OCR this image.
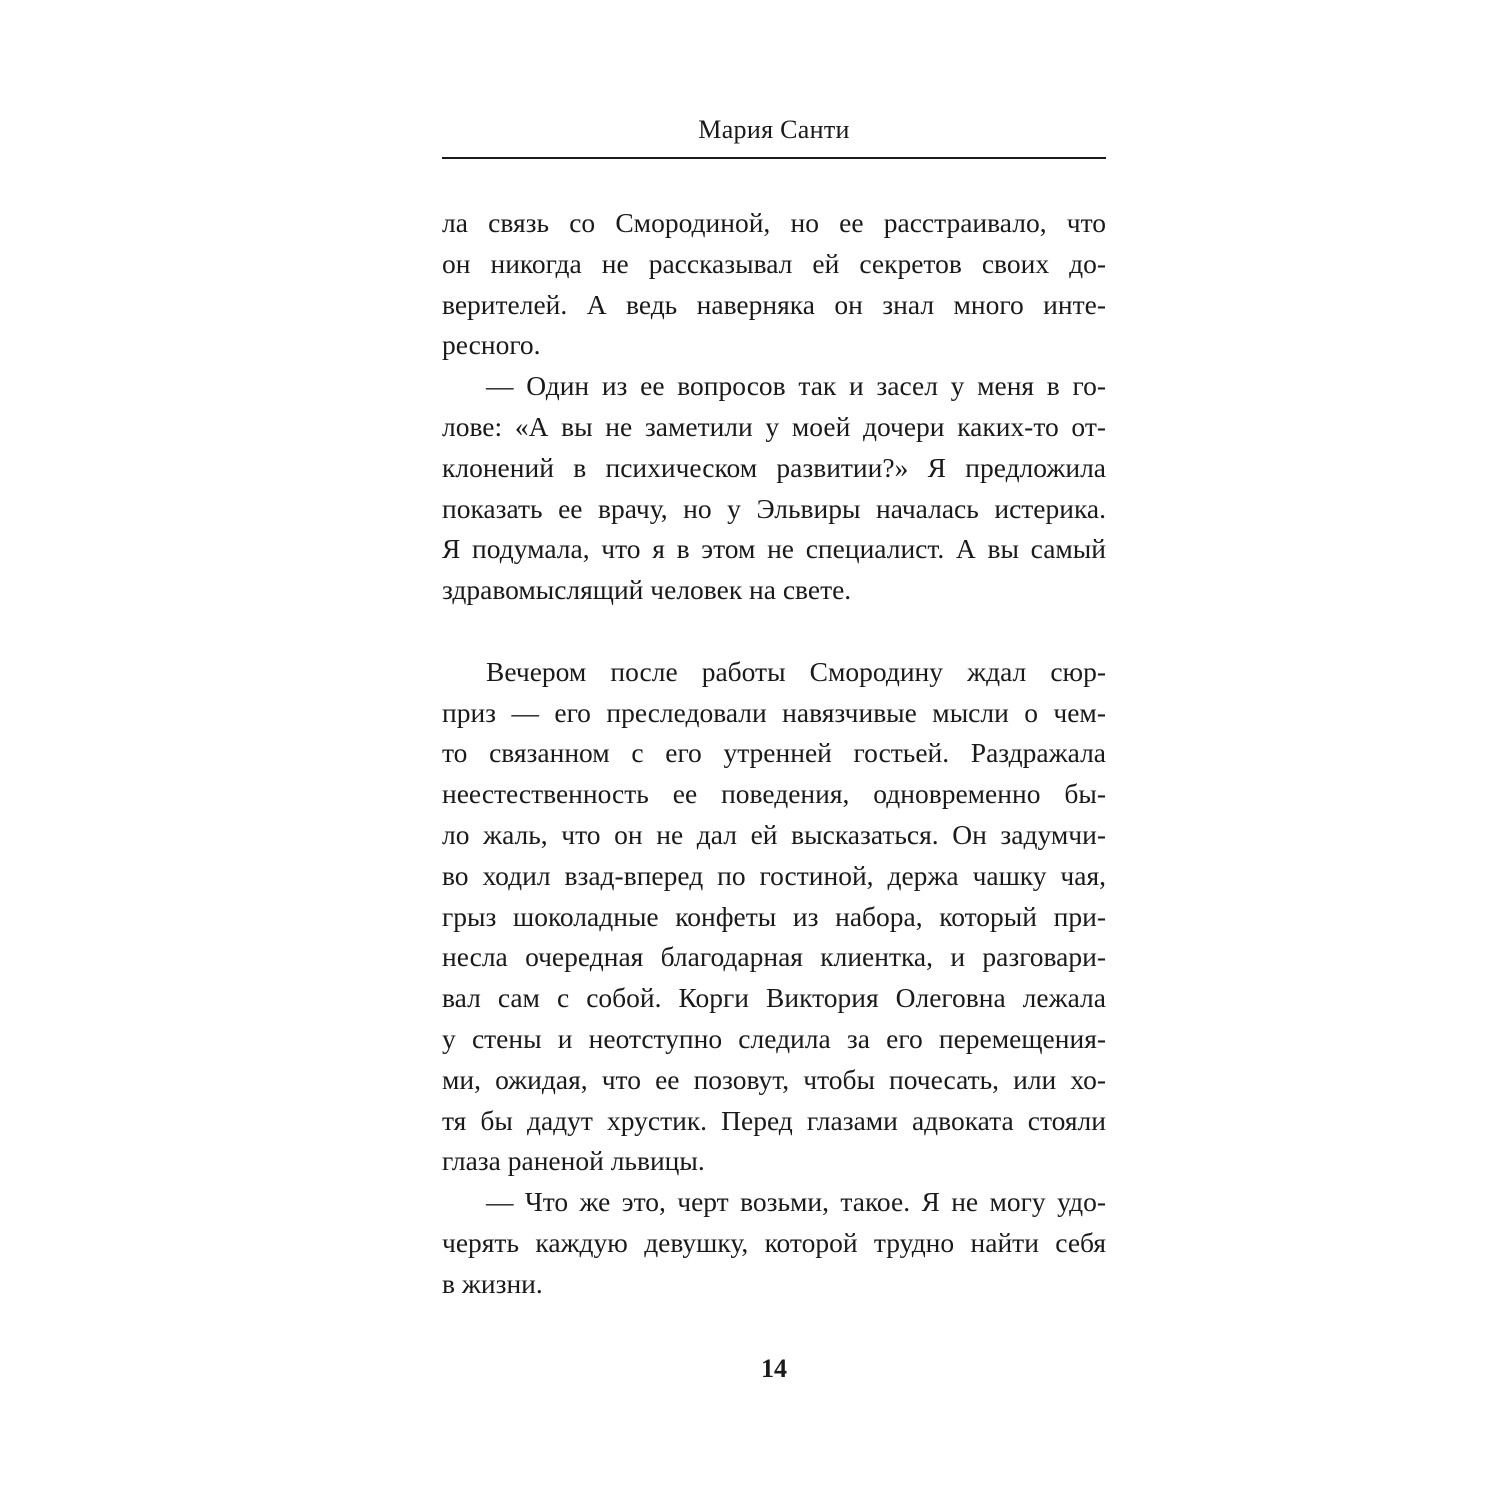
Мария Санти
ла связь со Смородиной, но ее расстраивало, что
он никогда не рассказывал ей секретов своих до-
верителей. А ведь наверняка он знал много инте-
ресного.
— Один из ее вопросов так и засел у меня в го-
лове: «А вы не заметили у моей дочери каких-то от-
клонений в психическом развитии?» Я предложила
показать ее врачу, но у Эльвиры началась истерика.
Я подумала, что я в этом не специалист. А вы самый
здравомыслящий человек на свете.
Вечером после работы Смородину ждал сюр-
приз — его преследовали навязчивые мысли о чем-
то связанном с его утренней гостьей. Раздражала
неестественность ее поведения, одновременно бы-
ло жаль, что он не дал ей высказаться. Он задумчи-
во ходил взад-вперед по гостиной, держа чашку чая,
грыз шоколадные конфеты из набора, который при-
несла очередная благодарная клиентка, и разговари-
вал сам с собой. Корги Виктория Олеговна лежала
у стены и неотступно следила за его перемещения-
ми, ожидая, что ее позовут, чтобы почесать, или хо-
тя бы дадут хрустик. Перед глазами адвоката стояли
глаза раненой львицы.
— Что же это, черт возьми, такое. Я не могу удо-
черять каждую девушку, которой трудно найти себя
в жизни.
14
